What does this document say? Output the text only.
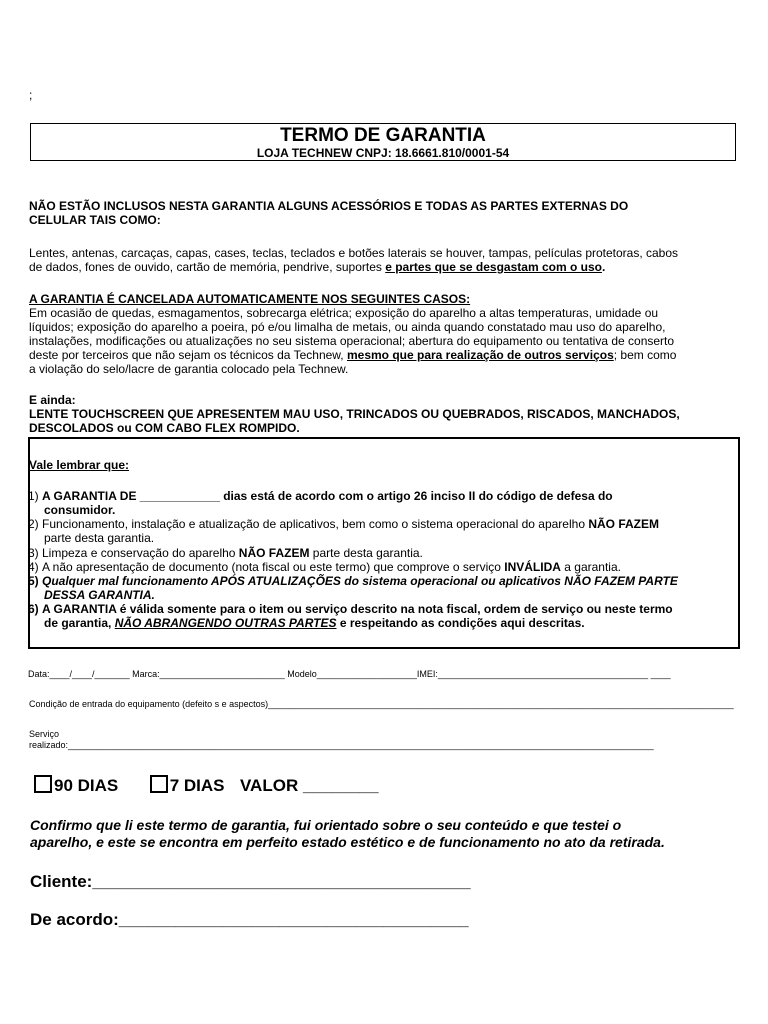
;
TERMO DE GARANTIA
LOJA TECHNEW CNPJ: 18.6661.810/0001-54
NÃO ESTÃO INCLUSOS NESTA GARANTIA ALGUNS ACESSÓRIOS E TODAS AS PARTES EXTERNAS DO
CELULAR TAIS COMO:
Lentes, antenas, carcaças, capas, cases, teclas, teclados e botões laterais se houver, tampas, películas protetoras, cabos
de dados, fones de ouvido, cartão de memória, pendrive, suportes e partes que se desgastam com o uso.
A GARANTIA É CANCELADA AUTOMATICAMENTE NOS SEGUINTES CASOS:
Em ocasião de quedas, esmagamentos, sobrecarga elétrica; exposição do aparelho a altas temperaturas, umidade ou
líquidos; exposição do aparelho a poeira, pó e/ou limalha de metais, ou ainda quando constatado mau uso do aparelho,
instalações, modificações ou atualizações no seu sistema operacional; abertura do equipamento ou tentativa de conserto
deste por terceiros que não sejam os técnicos da Technew, mesmo que para realização de outros serviços; bem como
a violação do selo/lacre de garantia colocado pela Technew.
E ainda:
LENTE TOUCHSCREEN QUE APRESENTEM MAU USO, TRINCADOS OU QUEBRADOS, RISCADOS, MANCHADOS,
DESCOLADOS ou COM CABO FLEX ROMPIDO.
Vale lembrar que:
1) A GARANTIA DE ____________ dias está de acordo com o artigo 26 inciso II do código de defesa do
consumidor.
2) Funcionamento, instalação e atualização de aplicativos, bem como o sistema operacional do aparelho NÃO FAZEM
parte desta garantia.
3) Limpeza e conservação do aparelho NÃO FAZEM parte desta garantia.
4) A não apresentação de documento (nota fiscal ou este termo) que comprove o serviço INVÁLIDA a garantia.
5) Qualquer mal funcionamento APÓS ATUALIZAÇÕES do sistema operacional ou aplicativos NÃO FAZEM PARTE
DESSA GARANTIA.
6) A GARANTIA é válida somente para o item ou serviço descrito na nota fiscal, ordem de serviço ou neste termo
de garantia, NÃO ABRANGENDO OUTRAS PARTES e respeitando as condições aqui descritas.
Data:____/____/_______ Marca:_________________________ Modelo____________________IMEI:__________________________________________ ____
Condição de entrada do equipamento (defeito s e aspectos)_____________________________________________________________________________________________
Serviço
realizado:_____________________________________________________________________________________________________________________
90 DIAS	7 DIAS VALOR ________
Confirmo que li este termo de garantia, fui orientado sobre o seu conteúdo e que testei o
aparelho, e este se encontra em perfeito estado estético e de funcionamento no ato da retirada.
Cliente:________________________________________
De acordo:_____________________________________
